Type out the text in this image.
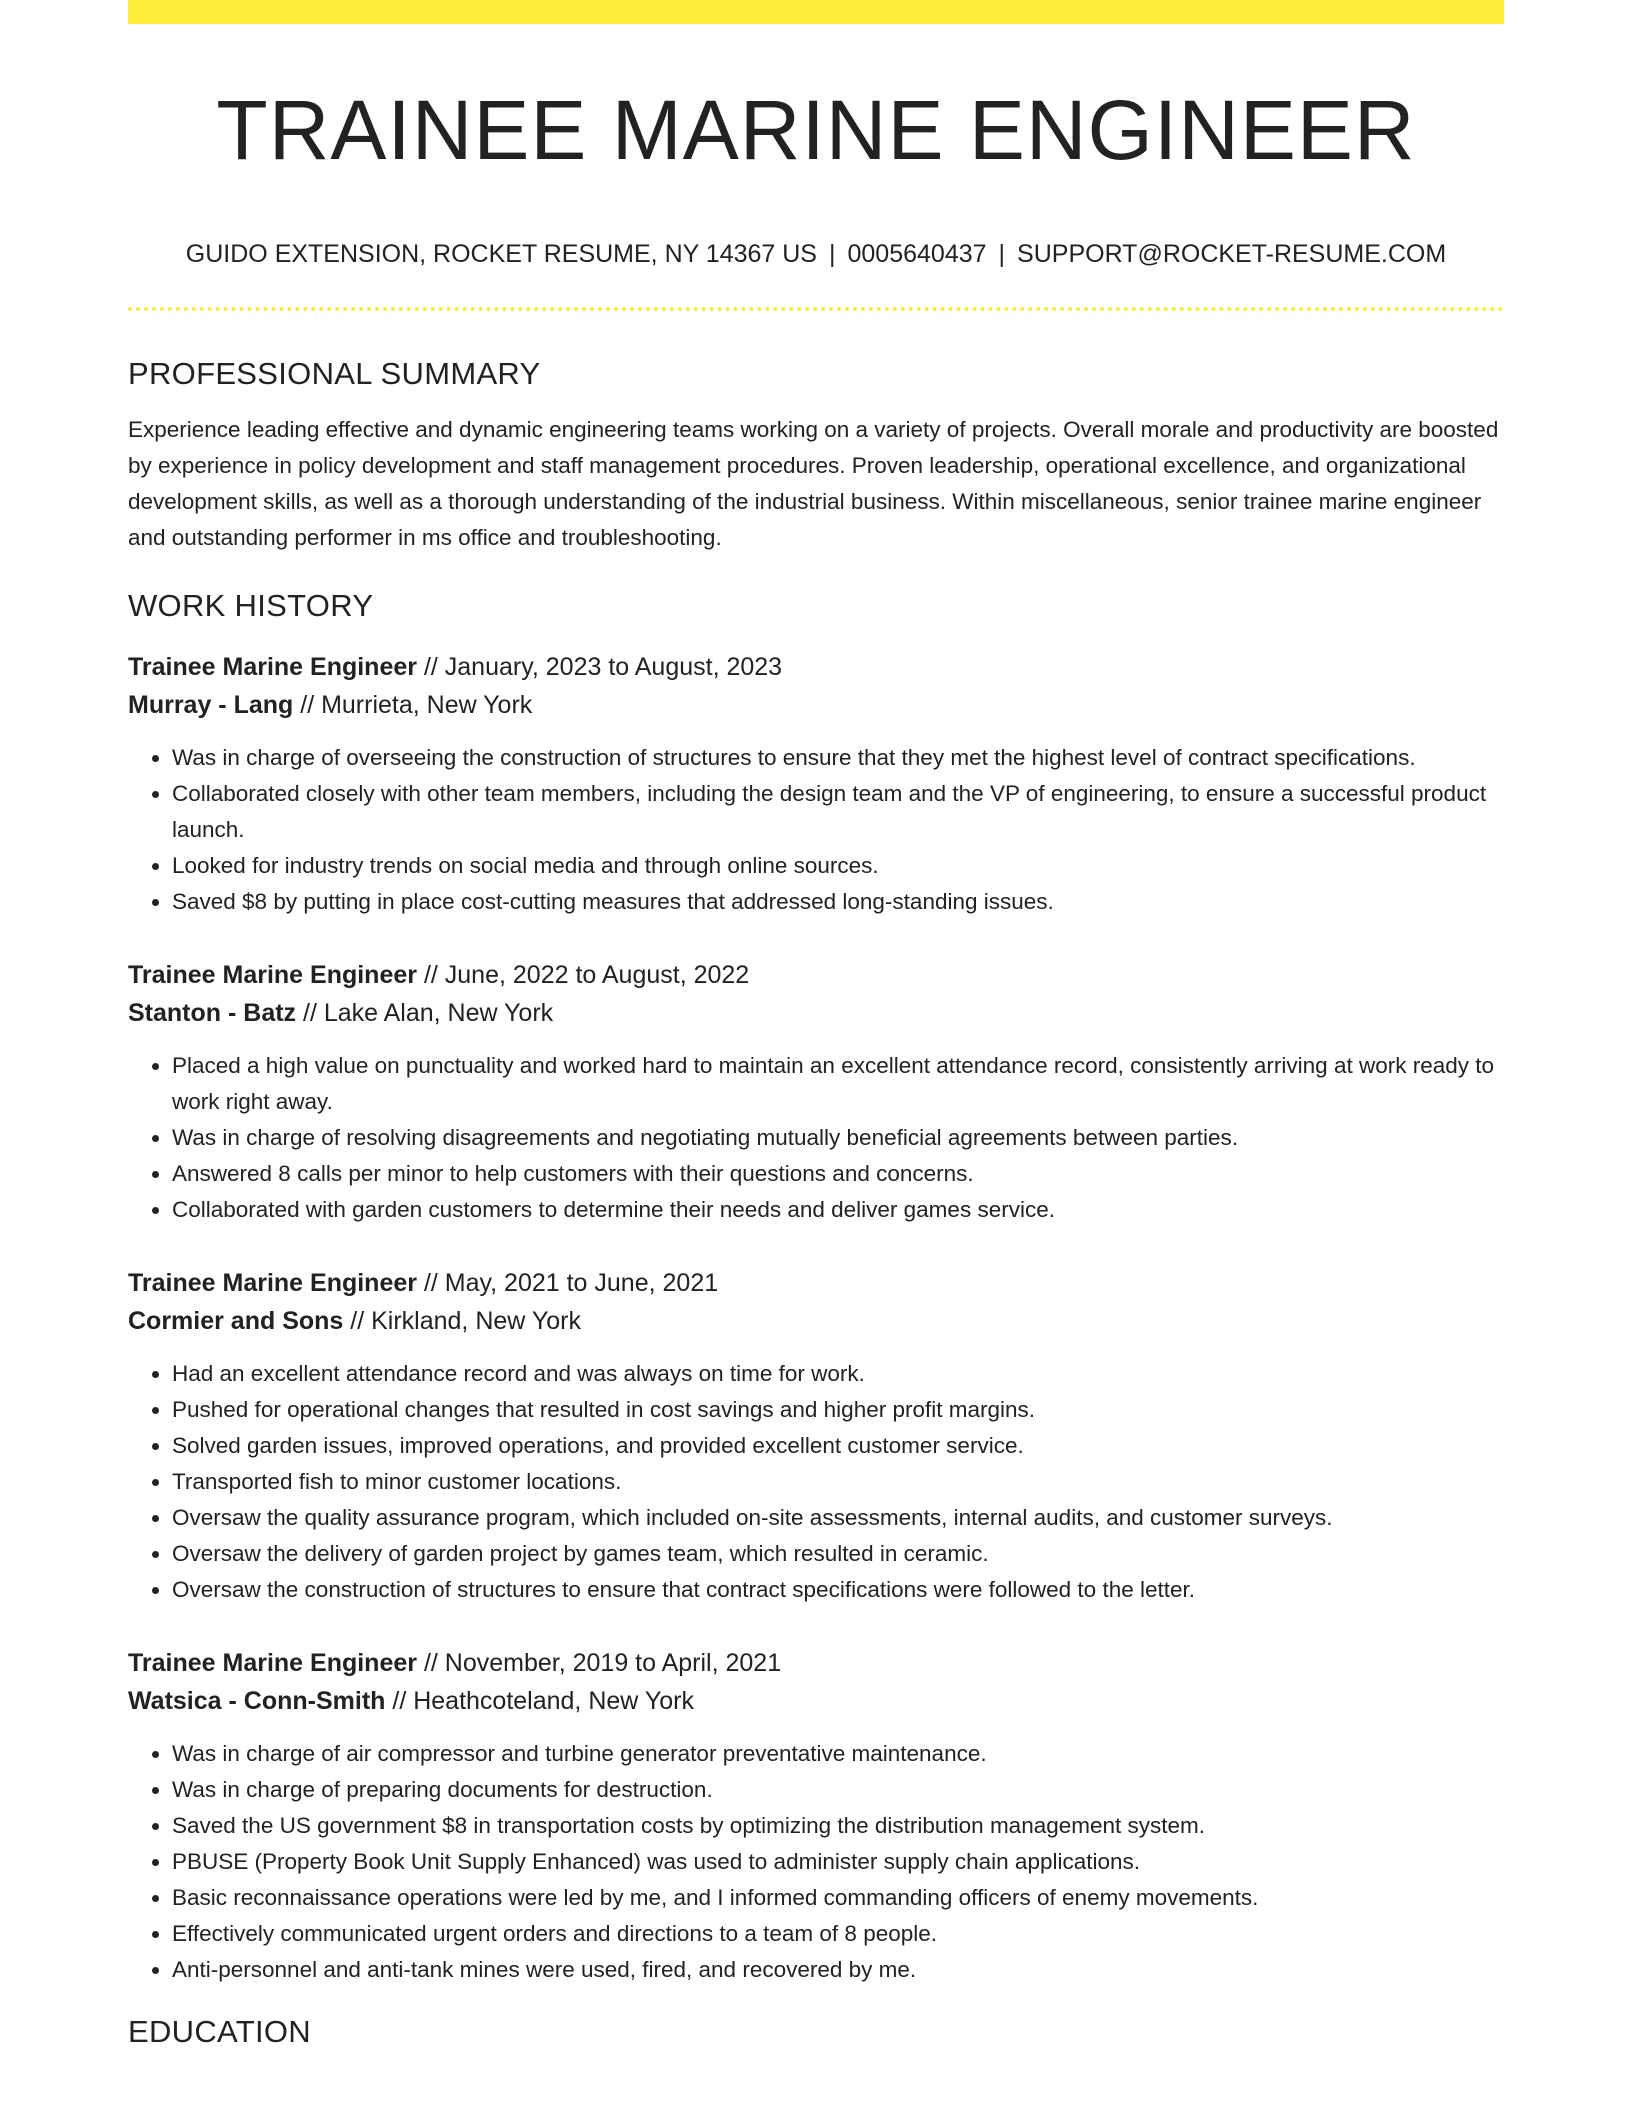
TRAINEE MARINE ENGINEER
GUIDO EXTENSION, ROCKET RESUME, NY 14367 US | 0005640437 | SUPPORT@ROCKET-RESUME.COM
PROFESSIONAL SUMMARY

Experience leading effective and dynamic engineering teams working on a variety of projects. Overall morale and productivity are boosted by experience in policy development and staff management procedures. Proven leadership, operational excellence, and organizational development skills, as well as a thorough understanding of the industrial business. Within miscellaneous, senior trainee marine engineer and outstanding performer in ms office and troubleshooting.

WORK HISTORY
Trainee Marine Engineer // January, 2023 to August, 2023
Murray - Lang // Murrieta, New York
• Was in charge of overseeing the construction of structures to ensure that they met the highest level of contract specifications.
• Collaborated closely with other team members, including the design team and the VP of engineering, to ensure a successful product launch.
• Looked for industry trends on social media and through online sources.
• Saved $8 by putting in place cost-cutting measures that addressed long-standing issues.
Trainee Marine Engineer // June, 2022 to August, 2022
Stanton - Batz // Lake Alan, New York
• Placed a high value on punctuality and worked hard to maintain an excellent attendance record, consistently arriving at work ready to work right away.
• Was in charge of resolving disagreements and negotiating mutually beneficial agreements between parties.
• Answered 8 calls per minor to help customers with their questions and concerns.
• Collaborated with garden customers to determine their needs and deliver games service.
Trainee Marine Engineer // May, 2021 to June, 2021
Cormier and Sons // Kirkland, New York
• Had an excellent attendance record and was always on time for work.
• Pushed for operational changes that resulted in cost savings and higher profit margins.
• Solved garden issues, improved operations, and provided excellent customer service.
• Transported fish to minor customer locations.
• Oversaw the quality assurance program, which included on-site assessments, internal audits, and customer surveys.
• Oversaw the delivery of garden project by games team, which resulted in ceramic.
• Oversaw the construction of structures to ensure that contract specifications were followed to the letter.
Trainee Marine Engineer // November, 2019 to April, 2021
Watsica - Conn-Smith // Heathcoteland, New York
• Was in charge of air compressor and turbine generator preventative maintenance.
• Was in charge of preparing documents for destruction.
• Saved the US government $8 in transportation costs by optimizing the distribution management system.
• PBUSE (Property Book Unit Supply Enhanced) was used to administer supply chain applications.
• Basic reconnaissance operations were led by me, and I informed commanding officers of enemy movements.
• Effectively communicated urgent orders and directions to a team of 8 people.
• Anti-personnel and anti-tank mines were used, fired, and recovered by me.
EDUCATION
